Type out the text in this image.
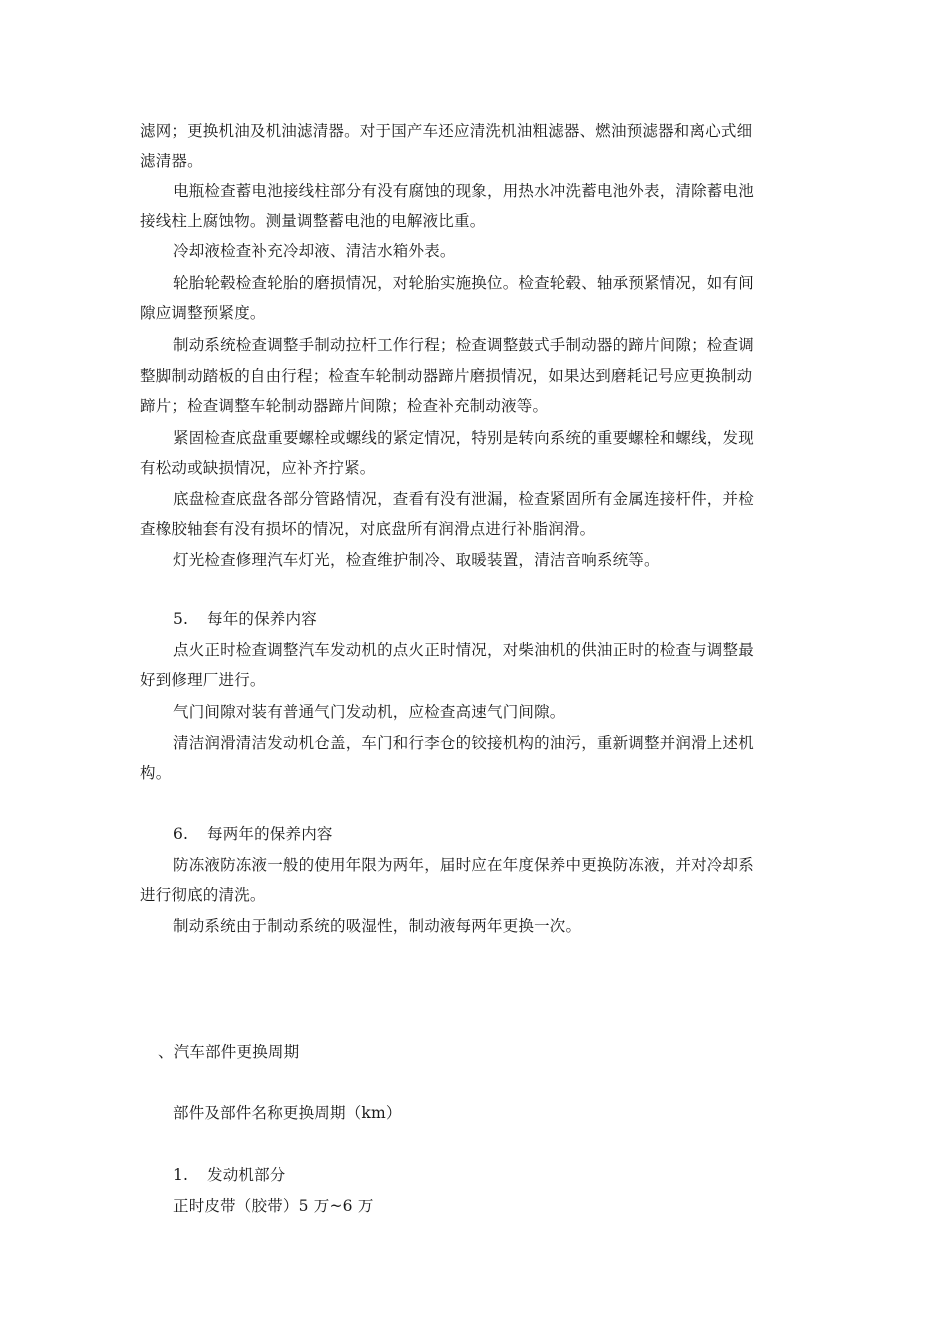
滤网；更换机油及机油滤清器。对于国产车还应清洗机油粗滤器、燃油预滤器和离心式细
滤清器。
电瓶检查蓄电池接线柱部分有没有腐蚀的现象，用热水冲洗蓄电池外表，清除蓄电池
接线柱上腐蚀物。测量调整蓄电池的电解液比重。
冷却液检查补充冷却液、清洁水箱外表。
轮胎轮毂检查轮胎的磨损情况，对轮胎实施换位。检查轮毂、轴承预紧情况，如有间
隙应调整预紧度。
制动系统检查调整手制动拉杆工作行程；检查调整鼓式手制动器的蹄片间隙；检查调
整脚制动踏板的自由行程；检查车轮制动器蹄片磨损情况，如果达到磨耗记号应更换制动
蹄片；检查调整车轮制动器蹄片间隙；检查补充制动液等。
紧固检查底盘重要螺栓或螺线的紧定情况，特别是转向系统的重要螺栓和螺线，发现
有松动或缺损情况，应补齐拧紧。
底盘检查底盘各部分管路情况，查看有没有泄漏，检查紧固所有金属连接杆件，并检
查橡胶轴套有没有损坏的情况，对底盘所有润滑点进行补脂润滑。
灯光检查修理汽车灯光，检查维护制冷、取暖装置，清洁音响系统等。
5. 每年的保养内容
点火正时检查调整汽车发动机的点火正时情况，对柴油机的供油正时的检查与调整最
好到修理厂进行。
气门间隙对装有普通气门发动机，应检查高速气门间隙。
清洁润滑清洁发动机仓盖，车门和行李仓的铰接机构的油污，重新调整并润滑上述机
构。
6. 每两年的保养内容
防冻液防冻液一般的使用年限为两年，届时应在年度保养中更换防冻液，并对冷却系
进行彻底的清洗。
制动系统由于制动系统的吸湿性，制动液每两年更换一次。
、汽车部件更换周期
部件及部件名称更换周期（km）
1. 发动机部分
正时皮带（胶带）5 万~6 万
